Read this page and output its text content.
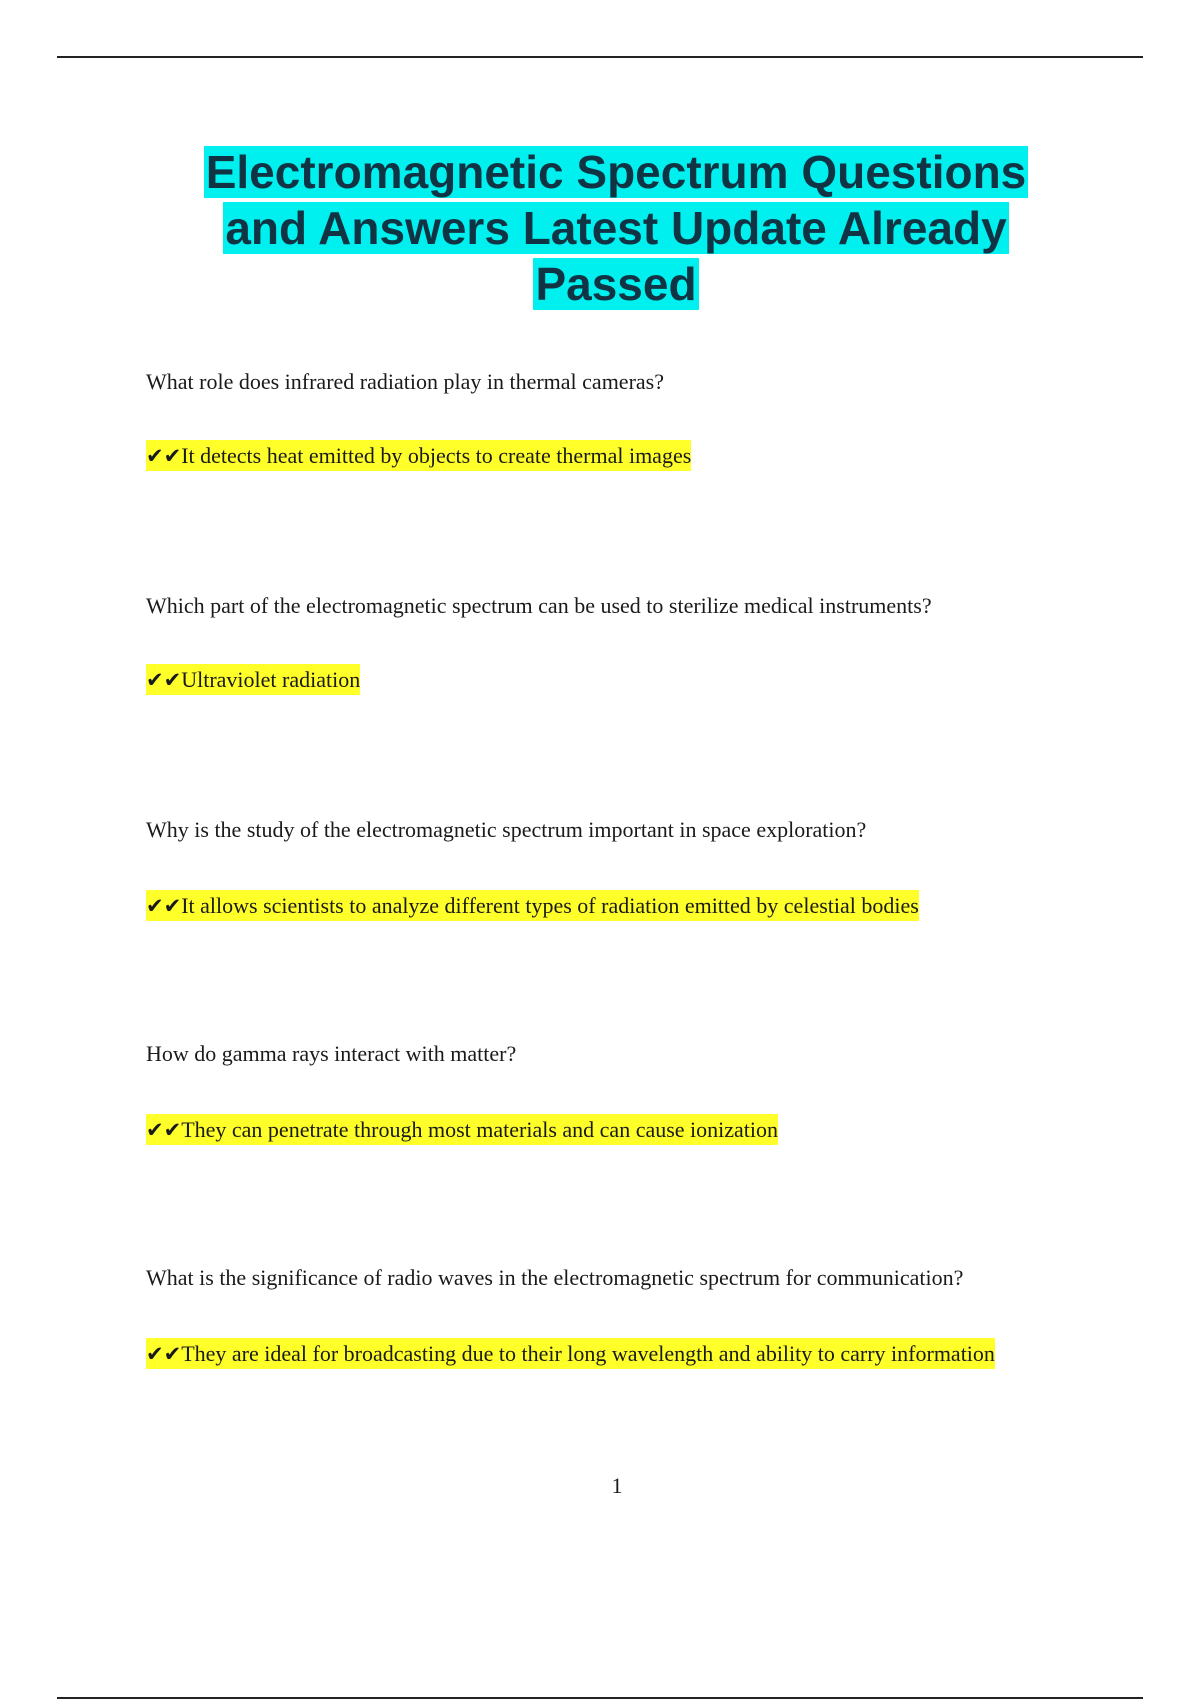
Electromagnetic Spectrum Questions
and Answers Latest Update Already
Passed

What role does infrared radiation play in thermal cameras?

✔✔It detects heat emitted by objects to create thermal images

Which part of the electromagnetic spectrum can be used to sterilize medical instruments?

✔✔Ultraviolet radiation

Why is the study of the electromagnetic spectrum important in space exploration?

✔✔It allows scientists to analyze different types of radiation emitted by celestial bodies

How do gamma rays interact with matter?

✔✔They can penetrate through most materials and can cause ionization

What is the significance of radio waves in the electromagnetic spectrum for communication?

✔✔They are ideal for broadcasting due to their long wavelength and ability to carry information

1
